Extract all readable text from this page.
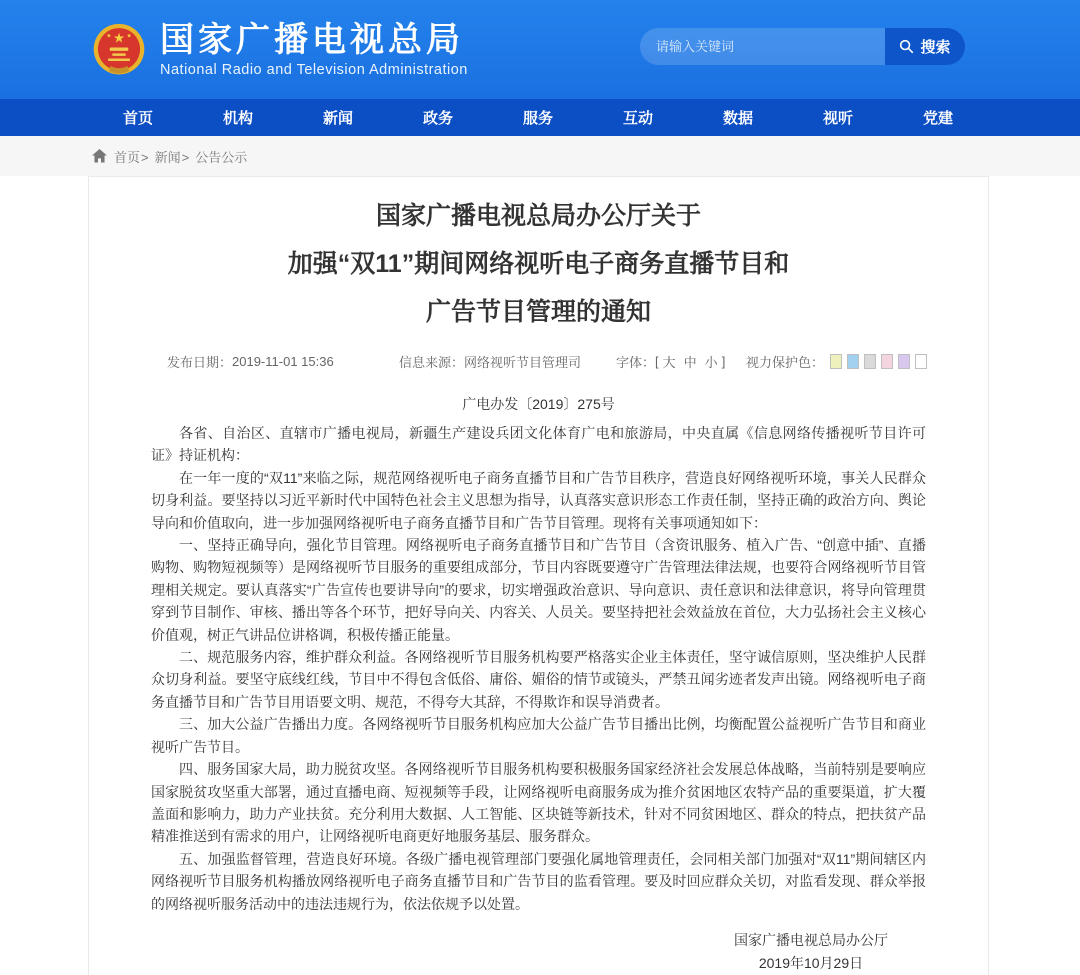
★
★ ★ 国家广播电视总局
National Radio and Television Administration
请输入关键词
搜索
首页	机构	新闻	政务	服务	互动	数据	视听	党建
首页> 新闻> 公告公示
国家广播电视总局办公厅关于
加强“双11”期间网络视听电子商务直播节目和
广告节目管理的通知
发布日期： 2019-11-01 15:36	信息来源： 网络视听节目管理司	字体： [ 大 中 小 ] 视力保护色：
广电办发〔2019〕275号

各省、自治区、直辖市广播电视局，新疆生产建设兵团文化体育广电和旅游局，中央直属《信息网络传播视听节目许可证》持证机构：

在一年一度的“双11”来临之际，规范网络视听电子商务直播节目和广告节目秩序，营造良好网络视听环境，事关人民群众切身利益。要坚持以习近平新时代中国特色社会主义思想为指导，认真落实意识形态工作责任制，坚持正确的政治方向、舆论导向和价值取向，进一步加强网络视听电子商务直播节目和广告节目管理。现将有关事项通知如下：

一、坚持正确导向，强化节目管理。网络视听电子商务直播节目和广告节目（含资讯服务、植入广告、“创意中插”、直播购物、购物短视频等）是网络视听节目服务的重要组成部分，节目内容既要遵守广告管理法律法规，也要符合网络视听节目管理相关规定。要认真落实“广告宣传也要讲导向”的要求，切实增强政治意识、导向意识、责任意识和法律意识，将导向管理贯穿到节目制作、审核、播出等各个环节，把好导向关、内容关、人员关。要坚持把社会效益放在首位，大力弘扬社会主义核心价值观，树正气讲品位讲格调，积极传播正能量。

二、规范服务内容，维护群众利益。各网络视听节目服务机构要严格落实企业主体责任，坚守诚信原则，坚决维护人民群众切身利益。要坚守底线红线，节目中不得包含低俗、庸俗、媚俗的情节或镜头，严禁丑闻劣迹者发声出镜。网络视听电子商务直播节目和广告节目用语要文明、规范，不得夸大其辞，不得欺诈和误导消费者。

三、加大公益广告播出力度。各网络视听节目服务机构应加大公益广告节目播出比例，均衡配置公益视听广告节目和商业视听广告节目。

四、服务国家大局，助力脱贫攻坚。各网络视听节目服务机构要积极服务国家经济社会发展总体战略，当前特别是要响应国家脱贫攻坚重大部署，通过直播电商、短视频等手段，让网络视听电商服务成为推介贫困地区农特产品的重要渠道，扩大覆盖面和影响力，助力产业扶贫。充分利用大数据、人工智能、区块链等新技术，针对不同贫困地区、群众的特点，把扶贫产品精准推送到有需求的用户，让网络视听电商更好地服务基层、服务群众。

五、加强监督管理，营造良好环境。各级广播电视管理部门要强化属地管理责任，会同相关部门加强对“双11”期间辖区内网络视听节目服务机构播放网络视听电子商务直播节目和广告节目的监看管理。要及时回应群众关切，对监看发现、群众举报的网络视听服务活动中的违法违规行为，依法依规予以处置。

国家广播电视总局办公厅
2019年10月29日
